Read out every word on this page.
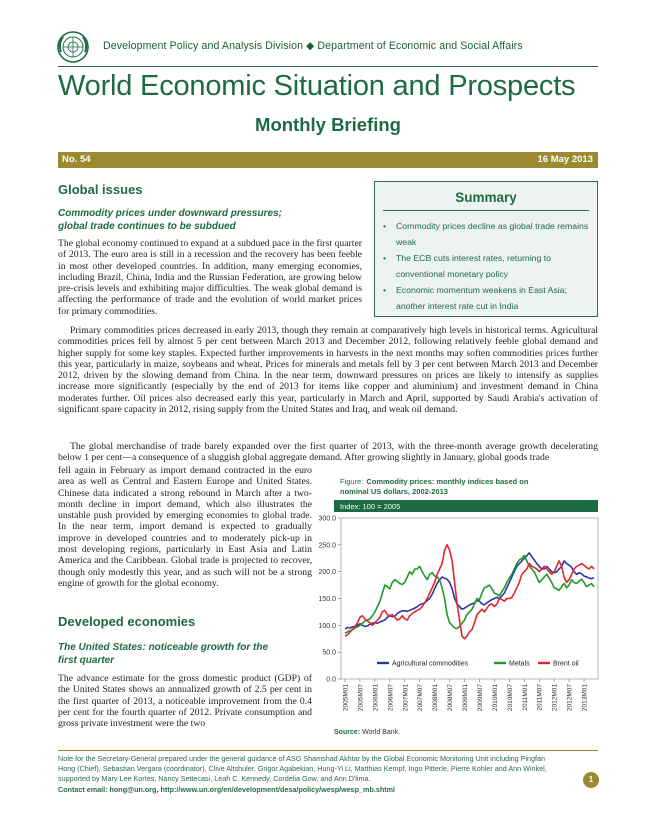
Development Policy and Analysis Division ◆ Department of Economic and Social Affairs
World Economic Situation and Prospects
Monthly Briefing
No. 54	16 May 2013
Global issues
Commodity prices under downward pressures; global trade continues to be subdued
The global economy continued to expand at a subdued pace in the first quarter of 2013. The euro area is still in a recession and the recovery has been feeble in most other developed countries. In addition, many emerging economies, including Brazil, China, India and the Russian Federation, are growing below pre-crisis levels and exhibiting major difficulties. The weak global demand is affecting the performance of trade and the evolution of world market prices for primary commodities.
Primary commodities prices decreased in early 2013, though they remain at comparatively high levels in historical terms. Agricultural commodities prices fell by almost 5 per cent between March 2013 and December 2012, following relatively feeble global demand and higher supply for some key staples. Expected further improvements in harvests in the next months may soften commodities prices further this year, particularly in maize, soybeans and wheat. Prices for minerals and metals fell by 3 per cent between March 2013 and December 2012, driven by the slowing demand from China. In the near term, downward pressures on prices are likely to intensify as supplies increase more significantly (especially by the end of 2013 for items like copper and aluminium) and investment demand in China moderates further. Oil prices also decreased early this year, particularly in March and April, supported by Saudi Arabia's activation of significant spare capacity in 2012, rising supply from the United States and Iraq, and weak oil demand.
The global merchandise of trade barely expanded over the first quarter of 2013, with the three-month average growth decelerating below 1 per cent—a consequence of a sluggish global aggregate demand. After growing slightly in January, global goods trade
fell again in February as import demand contracted in the euro area as well as Central and Eastern Europe and United States. Chinese data indicated a strong rebound in March after a two-month decline in import demand, which also illustrates the unstable push provided by emerging economies to global trade. In the near term, import demand is expected to gradually improve in developed countries and to moderately pick-up in most developing regions, particularly in East Asia and Latin America and the Caribbean. Global trade is projected to recover, though only modestly this year, and as such will not be a strong engine of growth for the global economy.
Developed economies
The United States: noticeable growth for the first quarter
The advance estimate for the gross domestic product (GDP) of the United States shows an annualized growth of 2.5 per cent in the first quarter of 2013, a noticeable improvement from the 0.4 per cent for the fourth quarter of 2012. Private consumption and gross private investment were the two
Summary
•	Commodity prices decline as global trade remains weak
•	The ECB cuts interest rates, returning to conventional monetary policy
•	Economic momentum weakens in East Asia; another interest rate cut in India
Figure: Commodity prices: monthly indices based on
nominal US dollars, 2002-2013
Index: 100 = 2005
0.0
50.0
100.0
150.0
200.0
250.0
300.0
2005M01 2005M07 2006M01 2006M07 2007M01 2007M07 2008M01 2008M07 2009M01 2009M07 2010M01 2010M07 2011M01 2011M07 2012M01 2012M07 2013M01
Agricultural commodities	Metals	Brent oil
Source: World Bank.
Note for the Secretary-General prepared under the general guidance of ASG Shamshad Akhtar by the Global Economic Monitoring Unit including Pingfan Hong (Chief), Sebastian Vergara (coordinator), Clive Altshuler, Grigor Agabekian, Hung-Yi Li, Matthias Kempf, Ingo Pitterle, Pierre Kohler and Ann Winkel, supported by Mary Lee Kortes, Nancy Settecasi, Leah C. Kennedy, Cordelia Gow, and Ann D'lima.
Contact email: hong@un.org, http://www.un.org/en/development/desa/policy/wesp/wesp_mb.shtml
1
